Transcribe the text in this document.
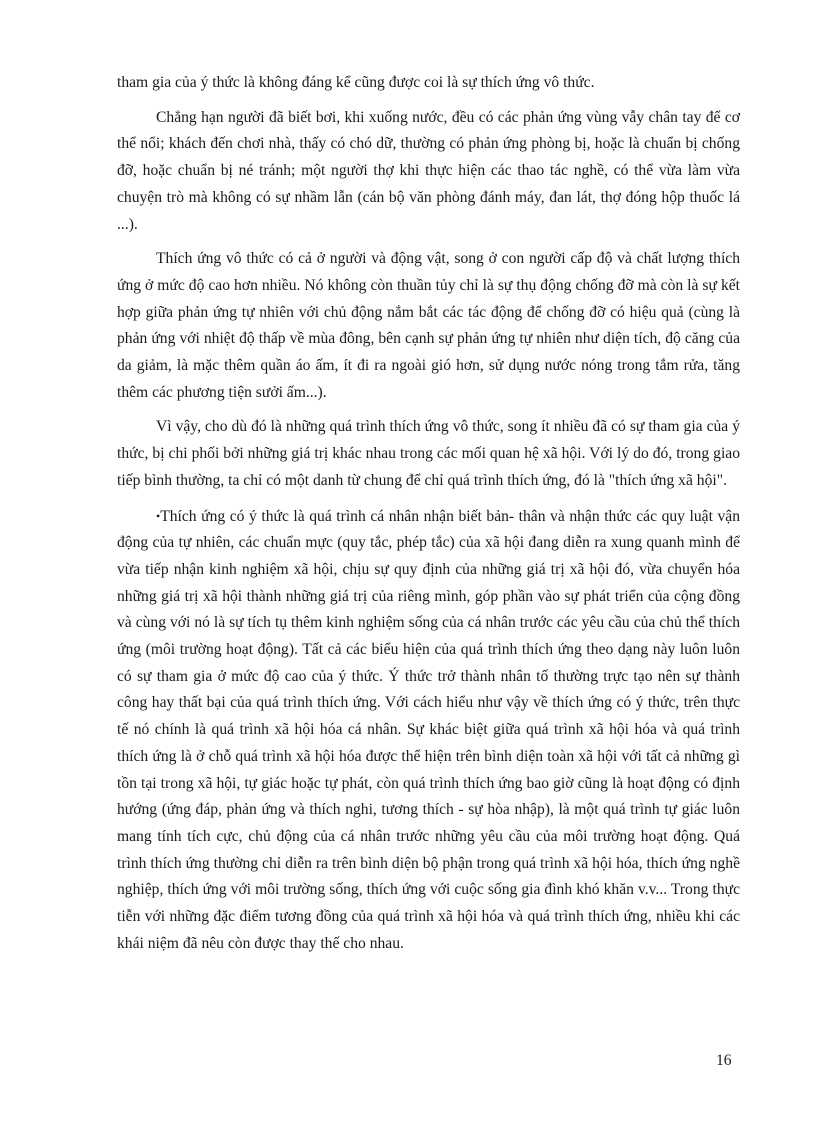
tham gia của ý thức là không đáng kể cũng được coi là sự thích ứng vô thức.

Chẳng hạn người đã biết bơi, khi xuống nước, đều có các phản ứng vùng vẫy chân tay để cơ thể nổi; khách đến chơi nhà, thấy có chó dữ, thường có phản ứng phòng bị, hoặc là chuẩn bị chống đỡ, hoặc chuẩn bị né tránh; một người thợ khi thực hiện các thao tác nghề, có thể vừa làm vừa chuyện trò mà không có sự nhầm lẫn (cán bộ văn phòng đánh máy, đan lát, thợ đóng hộp thuốc lá ...).

Thích ứng vô thức có cả ở người và động vật, song ở con người cấp độ và chất lượng thích ứng ở mức độ cao hơn nhiều. Nó không còn thuần tủy chỉ là sự thụ động chống đỡ mà còn là sự kết hợp giữa phản ứng tự nhiên với chủ động nắm bắt các tác động để chống đỡ có hiệu quả (cùng là phản ứng với nhiệt độ thấp về mùa đông, bên cạnh sự phản ứng tự nhiên như diện tích, độ căng của da giảm, là mặc thêm quần áo ấm, ít đi ra ngoài gió hơn, sử dụng nước nóng trong tắm rửa, tăng thêm các phương tiện sưởi ấm...).

Vì vậy, cho dù đó là những quá trình thích ứng vô thức, song ít nhiều đã có sự tham gia của ý thức, bị chi phối bởi những giá trị khác nhau trong các mối quan hệ xã hội. Với lý do đó, trong giao tiếp bình thường, ta chỉ có một danh từ chung để chỉ quá trình thích ứng, đó là "thích ứng xã hội".

•Thích ứng có ý thức là quá trình cá nhân nhận biết bản- thân và nhận thức các quy luật vận động của tự nhiên, các chuẩn mực (quy tắc, phép tắc) của xã hội đang diễn ra xung quanh mình để vừa tiếp nhận kinh nghiệm xã hội, chịu sự quy định của những giá trị xã hội đó, vừa chuyển hóa những giá trị xã hội thành những giá trị của riêng mình, góp phần vào sự phát triển của cộng đồng và cùng với nó là sự tích tụ thêm kinh nghiệm sống của cá nhân trước các yêu cầu của chủ thể thích ứng (môi trường hoạt động). Tất cả các biểu hiện của quá trình thích ứng theo dạng này luôn luôn có sự tham gia ở mức độ cao của ý thức. Ý thức trở thành nhân tố thường trực tạo nên sự thành công hay thất bại của quá trình thích ứng. Với cách hiểu như vậy về thích ứng có ý thức, trên thực tế nó chính là quá trình xã hội hóa cá nhân. Sự khác biệt giữa quá trình xã hội hóa và quá trình thích ứng là ở chỗ quá trình xã hội hóa được thể hiện trên bình diện toàn xã hội với tất cả những gì tồn tại trong xã hội, tự giác hoặc tự phát, còn quá trình thích ứng bao giờ cũng là hoạt động có định hướng (ứng đáp, phản ứng và thích nghi, tương thích - sự hòa nhập), là một quá trình tự giác luôn mang tính tích cực, chủ động của cá nhân trước những yêu cầu của môi trường hoạt động. Quá trình thích ứng thường chỉ diễn ra trên bình diện bộ phận trong quá trình xã hội hóa, thích ứng nghề nghiệp, thích ứng với môi trường sống, thích ứng với cuộc sống gia đình khó khăn v.v... Trong thực tiễn với những đặc điểm tương đồng của quá trình xã hội hóa và quá trình thích ứng, nhiều khi các khái niệm đã nêu còn được thay thế cho nhau.

16
